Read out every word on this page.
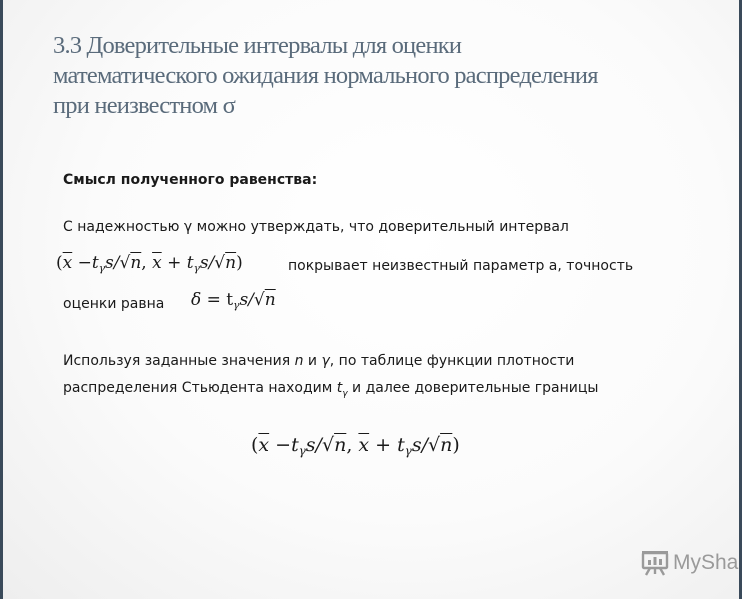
3.3 Доверительные интервалы для оценки
математического ожидания нормального распределения
при неизвестном σ

Смысл полученного равенства:

С надежностью γ можно утверждать, что доверительный интервал

($\overline{x} -t_\gamma s/√n$, $\overline{x} + t_\gamma s/√n$)	покрывает неизвестный параметр а, точность

оценки равна $\delta = t_\gamma s/√n$

Используя заданные значения n и γ, по таблице функции плотности

распределения Стьюдента находим $t_\gamma$ и далее доверительные границы

($\overline{x} -t_\gamma s/√n$, $\overline{x} + t_\gamma s/√n$)
MySha
